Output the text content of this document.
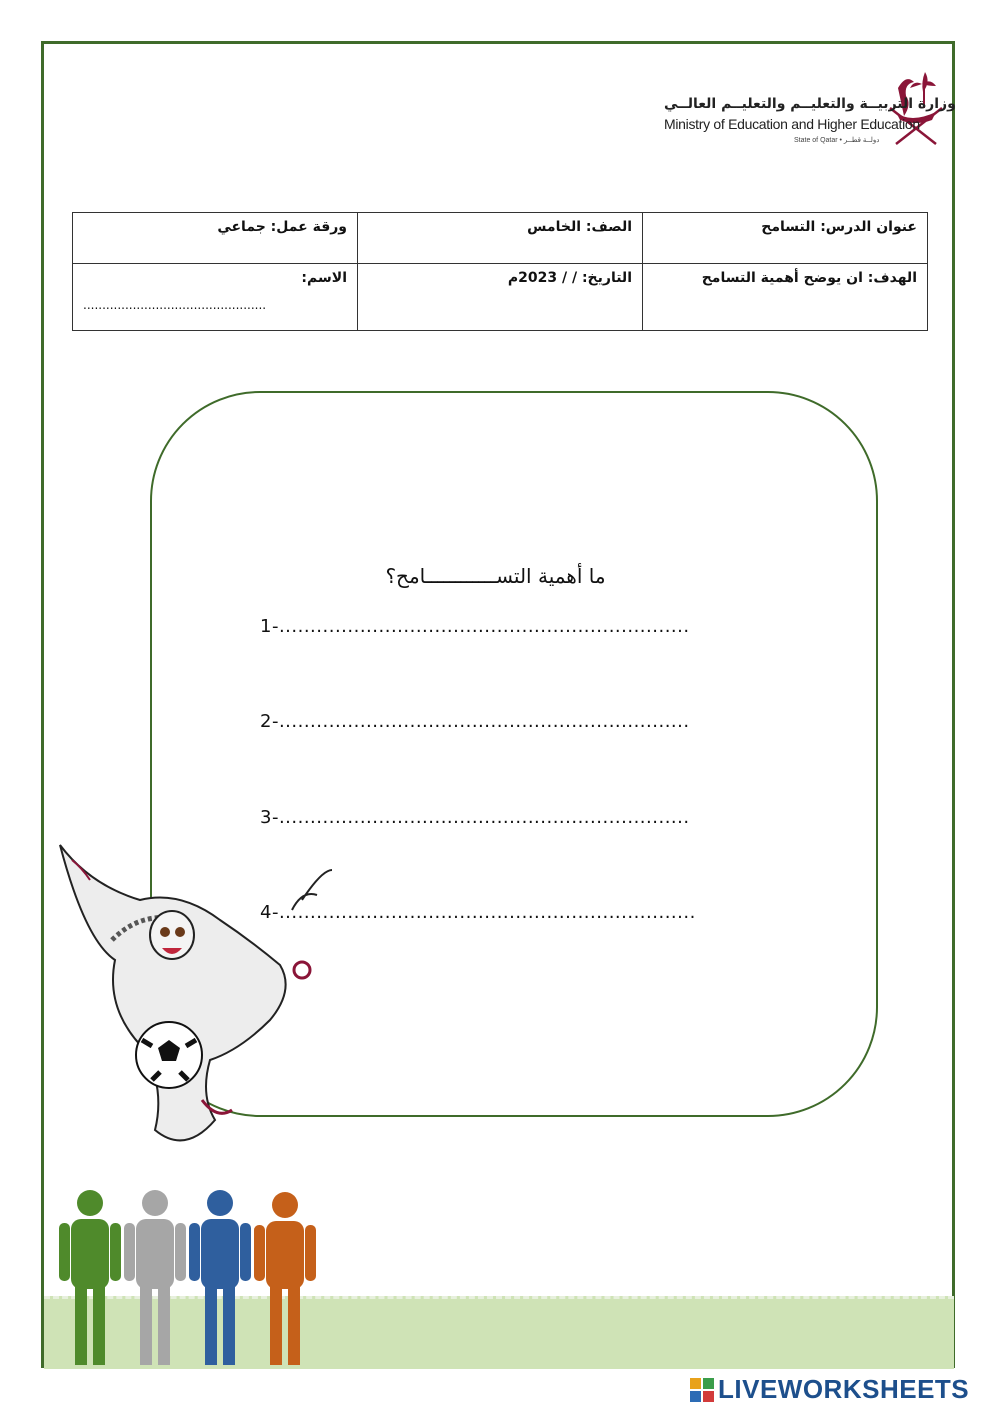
وزارة التربيــة والتعليــم والتعليــم العالــي
Ministry of Education and Higher Education
State of Qatar • دولــة قطــر
عنوان الدرس: التسامح	الصف: الخامس	ورقة عمل: جماعي
الهدف: ان يوضح أهمية التسامح	التاريخ: / / 2023م	الاسم:
................................................
ما أهمية التســــــــــــامح؟
1-..................................................................
2-..................................................................
3-..................................................................
4-...................................................................
LIVEWORKSHEETS
